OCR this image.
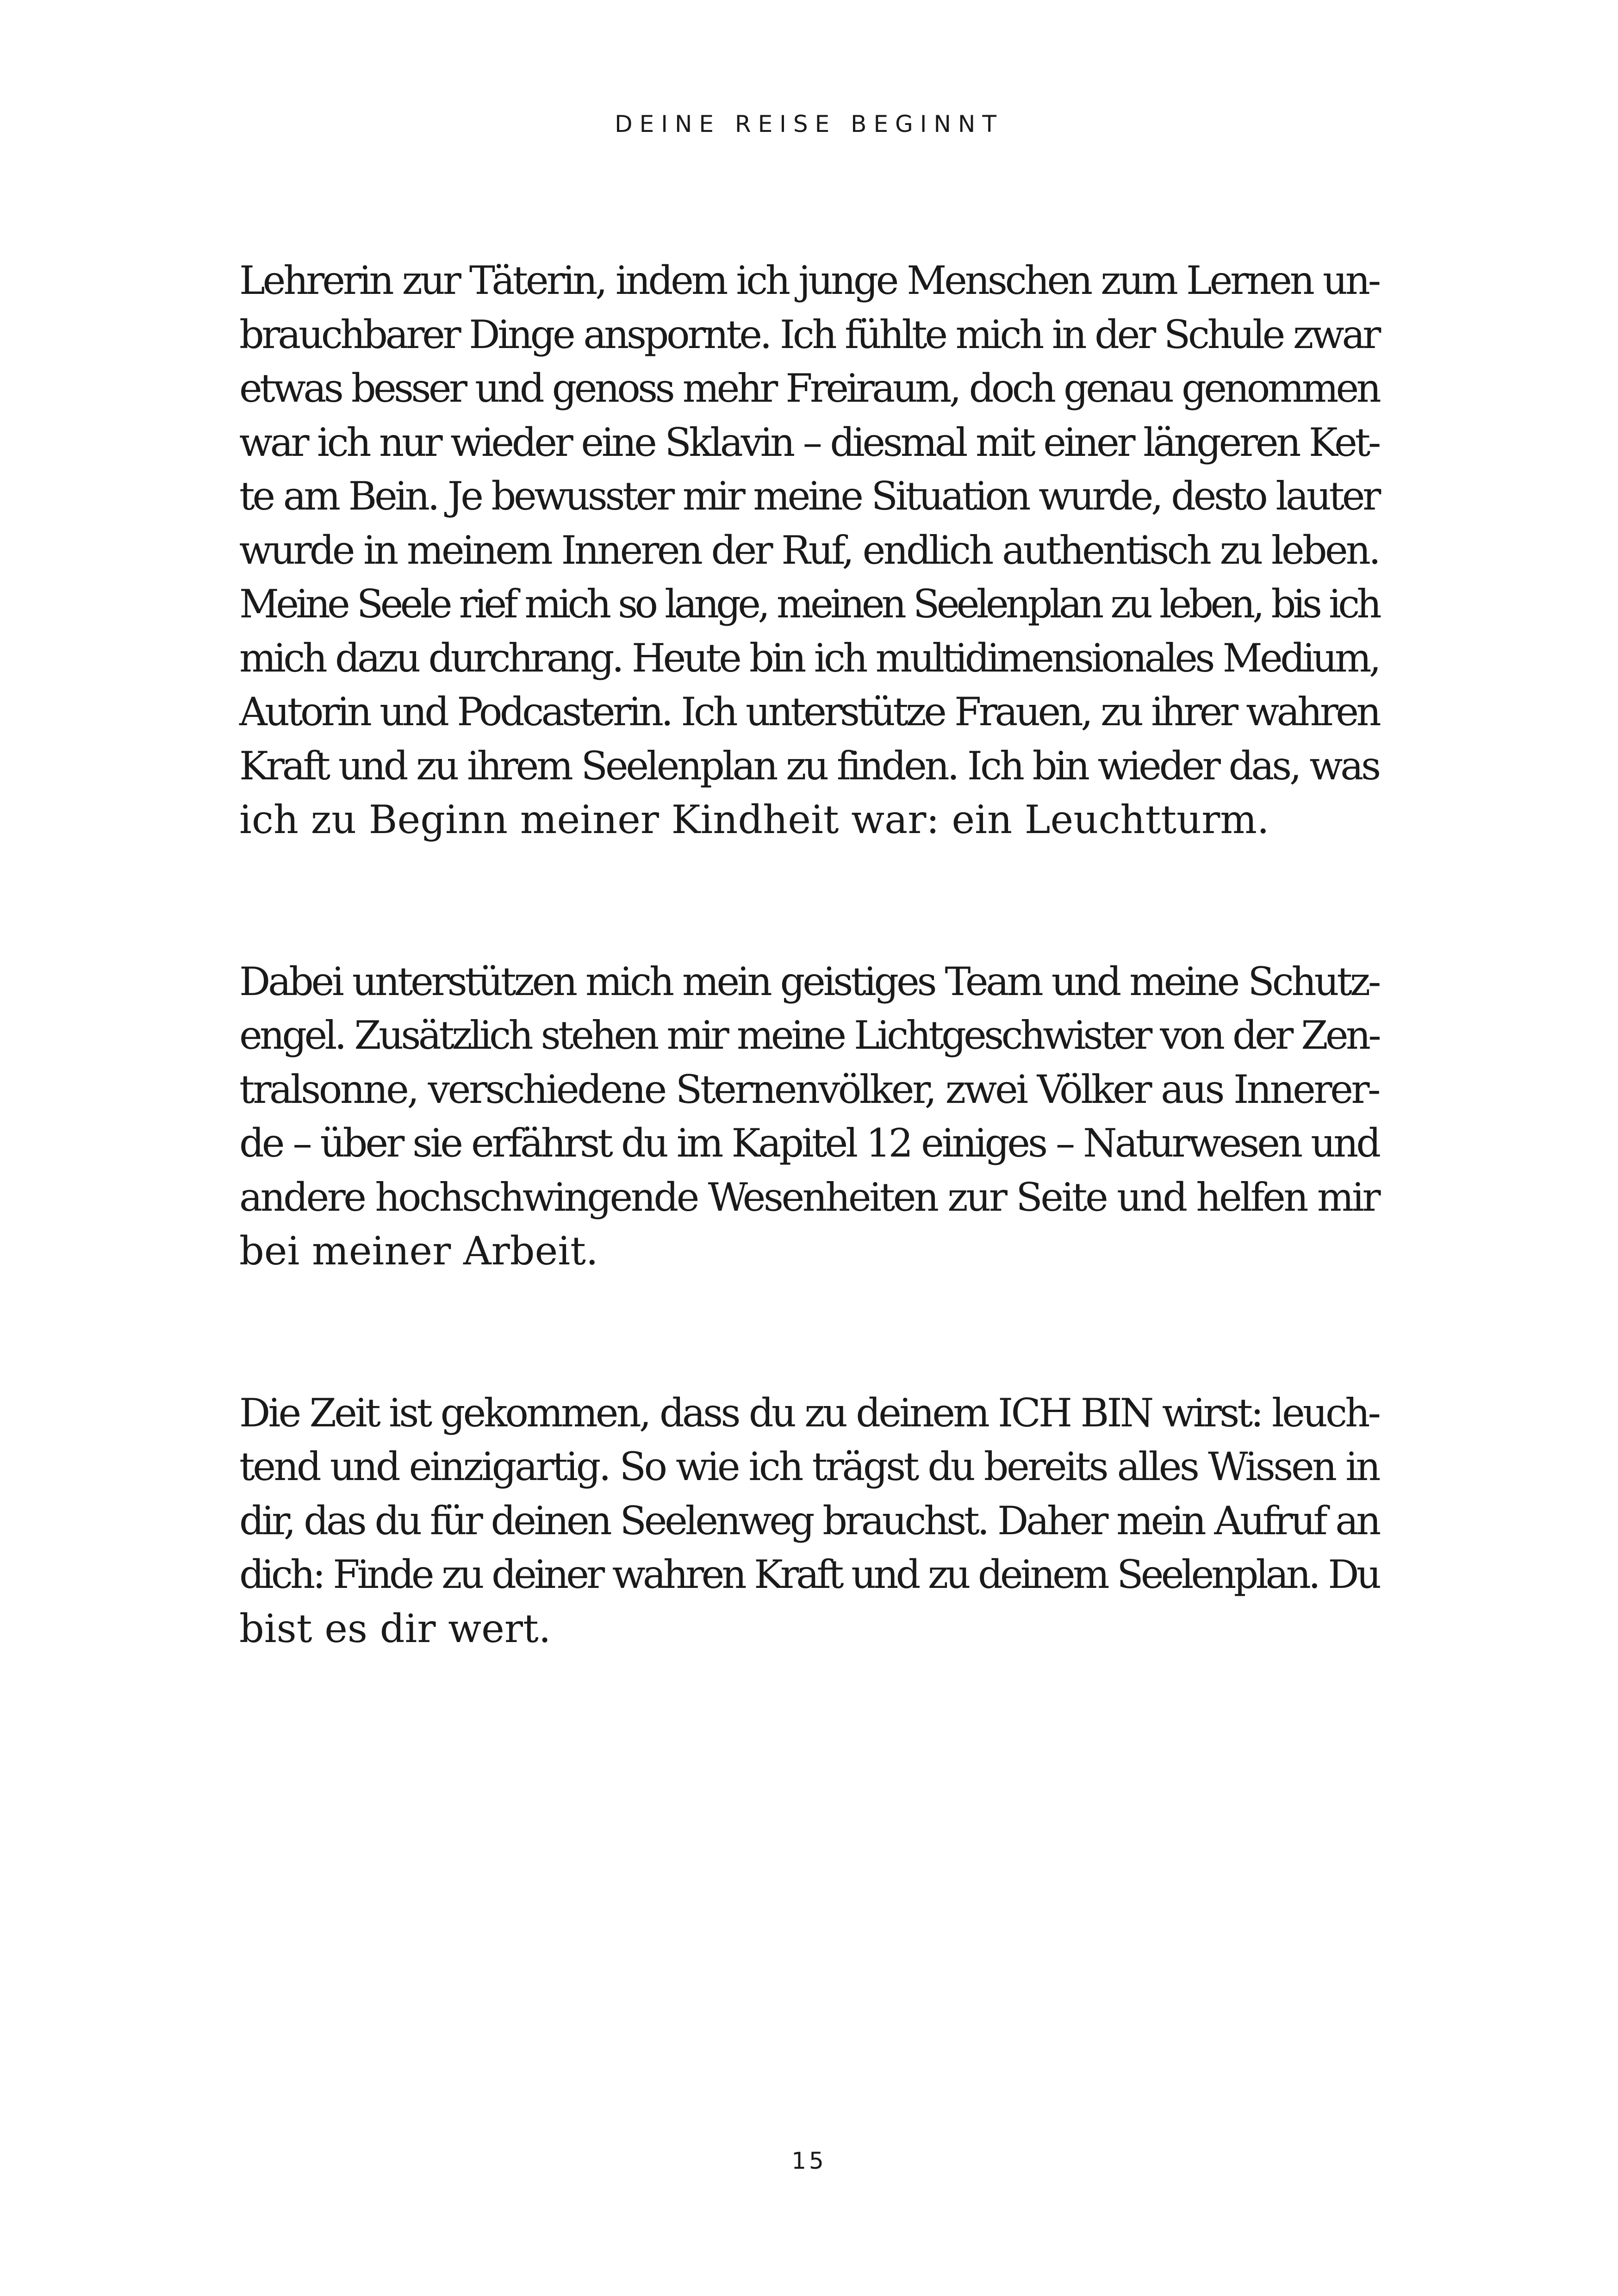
DEINE REISE BEGINNT
Lehrerin zur Täterin, indem ich junge Menschen zum Lernen un-
brauchbarer Dinge anspornte. Ich fühlte mich in der Schule zwar
etwas besser und genoss mehr Freiraum, doch genau genommen
war ich nur wieder eine Sklavin – diesmal mit einer längeren Ket-
te am Bein. Je bewusster mir meine Situation wurde, desto lauter
wurde in meinem Inneren der Ruf, endlich authentisch zu leben.
Meine Seele rief mich so lange, meinen Seelenplan zu leben, bis ich
mich dazu durchrang. Heute bin ich multidimensionales Medium,
Autorin und Podcasterin. Ich unterstütze Frauen, zu ihrer wahren
Kraft und zu ihrem Seelenplan zu finden. Ich bin wieder das, was
ich zu Beginn meiner Kindheit war: ein Leuchtturm.
Dabei unterstützen mich mein geistiges Team und meine Schutz-
engel. Zusätzlich stehen mir meine Lichtgeschwister von der Zen-
tralsonne, verschiedene Sternenvölker, zwei Völker aus Innerer-
de – über sie erfährst du im Kapitel 12 einiges – Naturwesen und
andere hochschwingende Wesenheiten zur Seite und helfen mir
bei meiner Arbeit.
Die Zeit ist gekommen, dass du zu deinem ICH BIN wirst: leuch-
tend und einzigartig. So wie ich trägst du bereits alles Wissen in
dir, das du für deinen Seelenweg brauchst. Daher mein Aufruf an
dich: Finde zu deiner wahren Kraft und zu deinem Seelenplan. Du
bist es dir wert.
15
